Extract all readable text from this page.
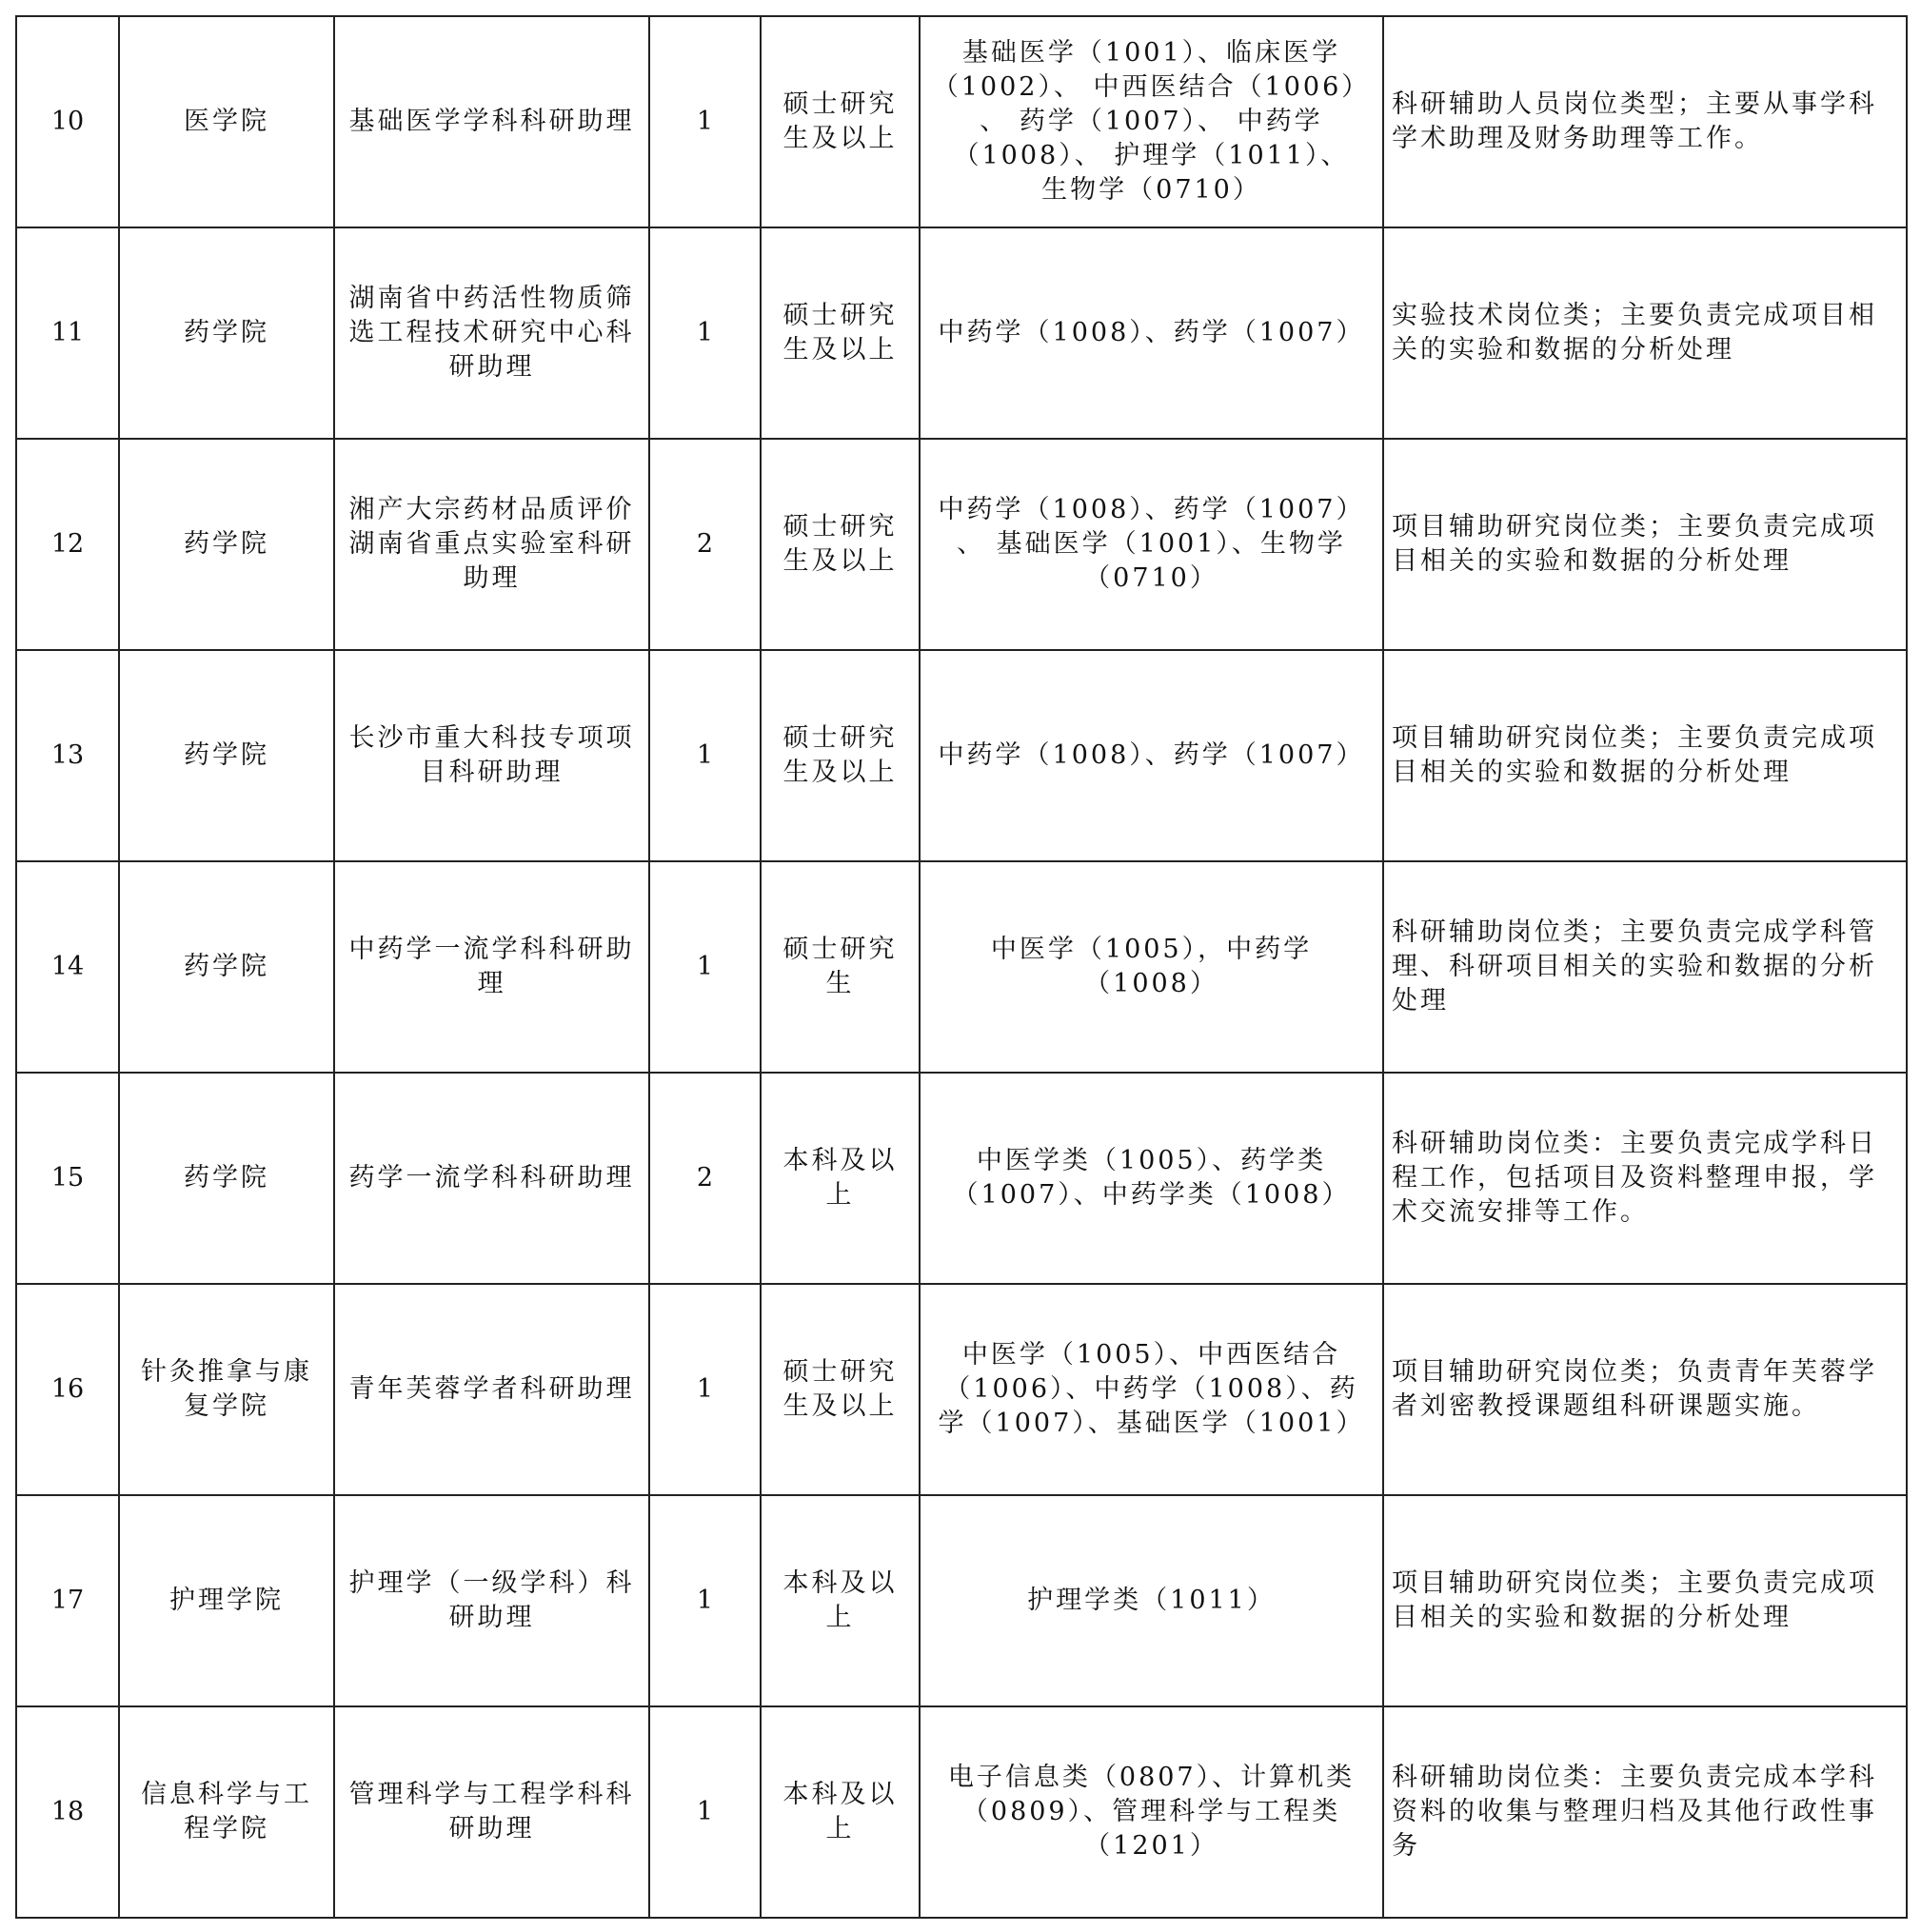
10	医学院	基础医学学科科研助理	1	硕士研究生及以上	基础医学（1001）、临床医学
（1002）、 中西医结合（1006）
、 药学（1007）、 中药学
（1008）、 护理学（1011）、
生物学（0710）	科研辅助人员岗位类型；主要从事学科学术助理及财务助理等工作。
11	药学院	湖南省中药活性物质筛选工程技术研究中心科研助理	1	硕士研究生及以上	中药学（1008）、药学（1007）	实验技术岗位类；主要负责完成项目相关的实验和数据的分析处理
12	药学院	湘产大宗药材品质评价湖南省重点实验室科研助理	2	硕士研究生及以上	中药学（1008）、药学（1007）
、 基础医学（1001）、生物学
（0710）	项目辅助研究岗位类；主要负责完成项目相关的实验和数据的分析处理
13	药学院	长沙市重大科技专项项目科研助理	1	硕士研究生及以上	中药学（1008）、药学（1007）	项目辅助研究岗位类；主要负责完成项目相关的实验和数据的分析处理
14	药学院	中药学一流学科科研助理	1	硕士研究生	中医学（1005），中药学
（1008）	科研辅助岗位类；主要负责完成学科管理、科研项目相关的实验和数据的分析处理
15	药学院	药学一流学科科研助理	2	本科及以上	中医学类（1005）、药学类
（1007）、中药学类（1008）	科研辅助岗位类：主要负责完成学科日程工作，包括项目及资料整理申报，学术交流安排等工作。
16	针灸推拿与康复学院	青年芙蓉学者科研助理	1	硕士研究生及以上	中医学（1005）、中西医结合
（1006）、中药学（1008）、药
学（1007）、基础医学（1001）	项目辅助研究岗位类；负责青年芙蓉学者刘密教授课题组科研课题实施。
17	护理学院	护理学（一级学科）科研助理	1	本科及以上	护理学类（1011）	项目辅助研究岗位类；主要负责完成项目相关的实验和数据的分析处理
18	信息科学与工程学院	管理科学与工程学科科研助理	1	本科及以上	电子信息类（0807）、计算机类
（0809）、管理科学与工程类
（1201）	科研辅助岗位类：主要负责完成本学科资料的收集与整理归档及其他行政性事务
